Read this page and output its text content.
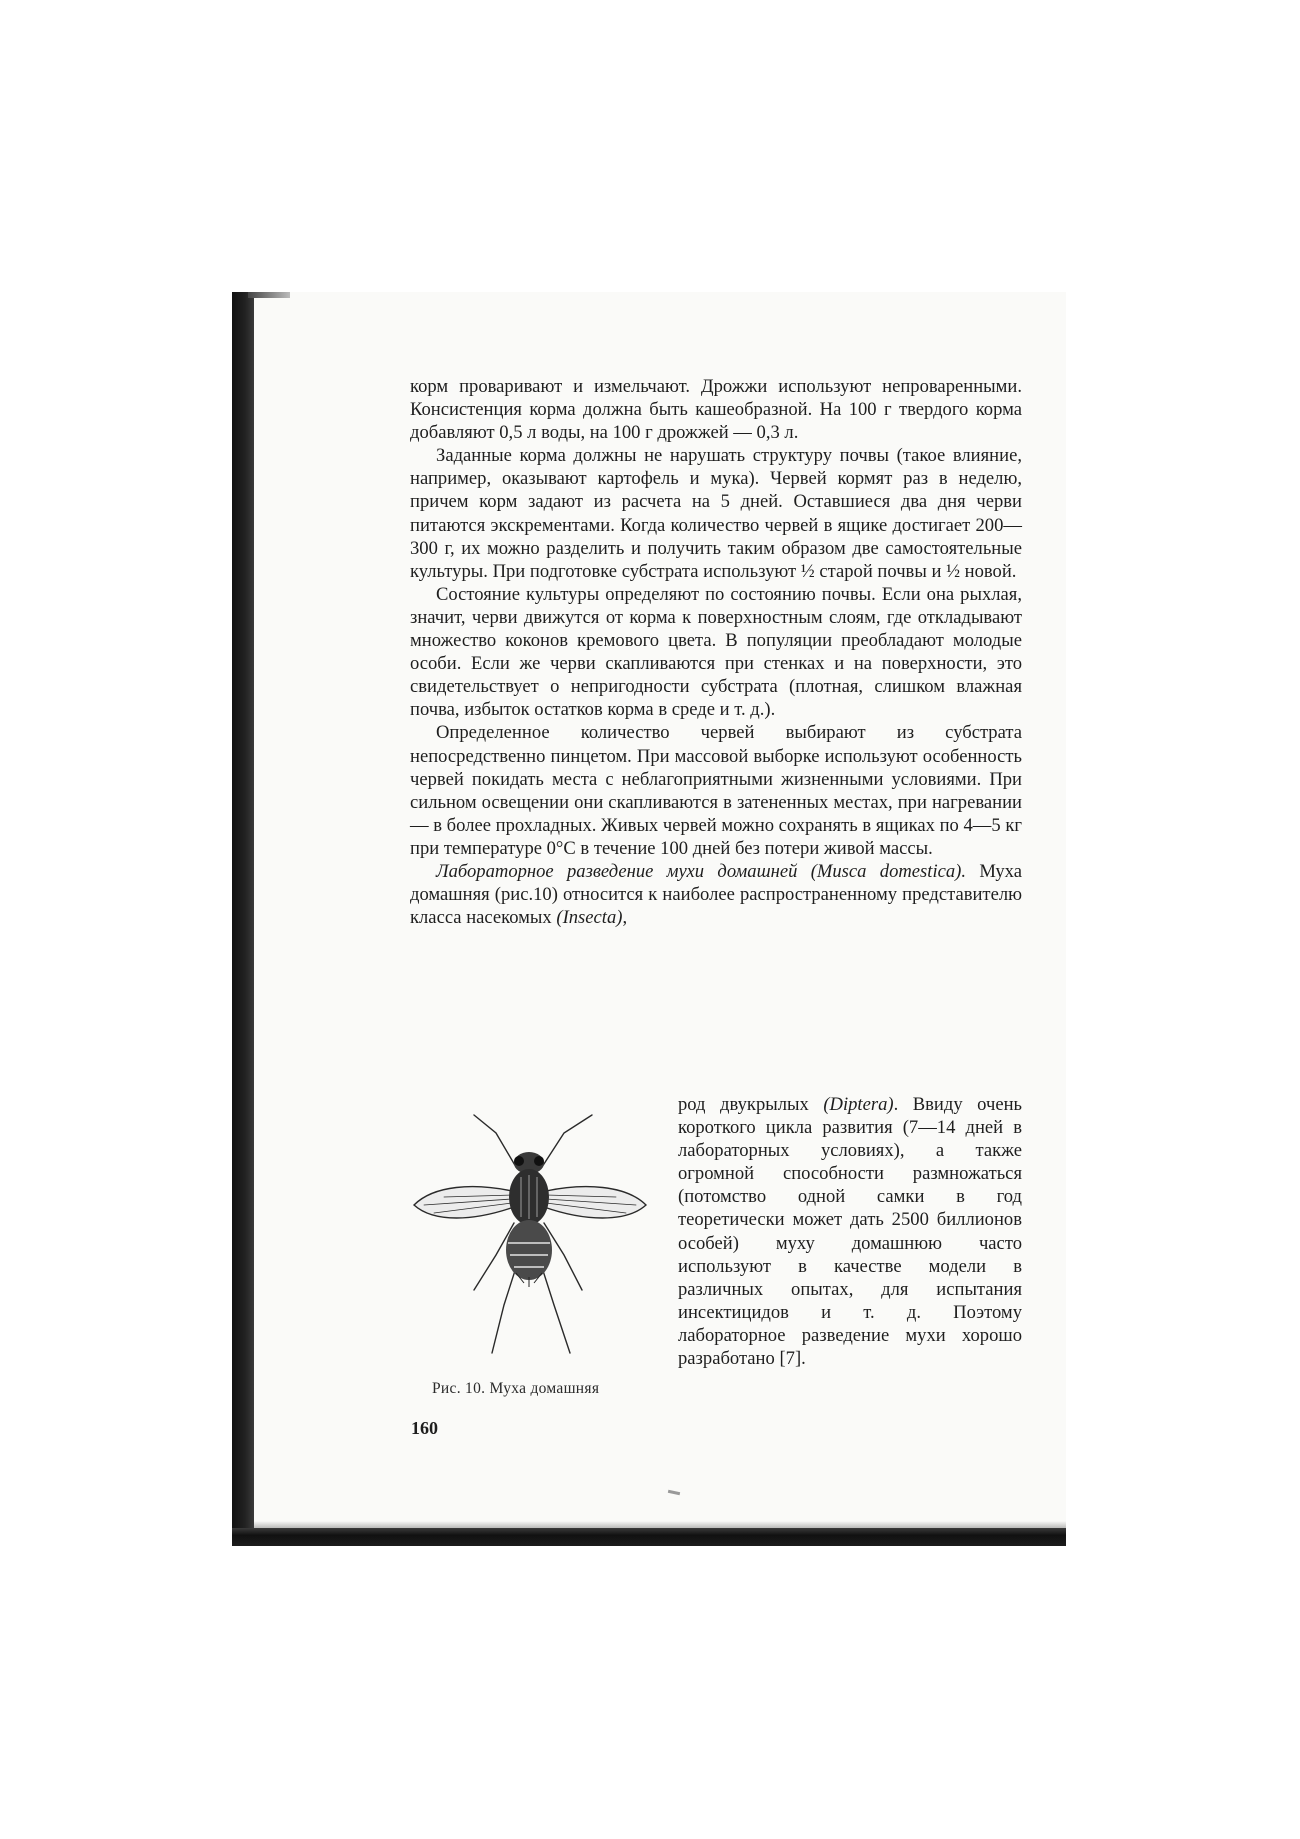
корм проваривают и измельчают. Дрожжи используют непроваренными. Консистенция корма должна быть кашеобразной. На 100 г твердого корма добавляют 0,5 л воды, на 100 г дрожжей — 0,3 л.

Заданные корма должны не нарушать структуру почвы (такое влияние, например, оказывают картофель и мука). Червей кормят раз в неделю, причем корм задают из расчета на 5 дней. Оставшиеся два дня черви питаются экскрементами. Когда количество червей в ящике достигает 200—300 г, их можно разделить и получить таким образом две самостоятельные культуры. При подготовке субстрата используют ½ старой почвы и ½ новой.

Состояние культуры определяют по состоянию почвы. Если она рыхлая, значит, черви движутся от корма к поверхностным слоям, где откладывают множество коконов кремового цвета. В популяции преобладают молодые особи. Если же черви скапливаются при стенках и на поверхности, это свидетельствует о непригодности субстрата (плотная, слишком влажная почва, избыток остатков корма в среде и т. д.).

Определенное количество червей выбирают из субстрата непосредственно пинцетом. При массовой выборке используют особенность червей покидать места с неблагоприятными жизненными условиями. При сильном освещении они скапливаются в затененных местах, при нагревании — в более прохладных. Живых червей можно сохранять в ящиках по 4—5 кг при температуре 0°С в течение 100 дней без потери живой массы.

Лабораторное разведение мухи домашней (Musca domestica). Муха домашняя (рис.10) относится к наиболее распространенному представителю класса насекомых (Insecta),

Рис. 10. Муха домашняя
род двукрылых (Diptera). Ввиду очень короткого цикла развития (7—14 дней в лабораторных условиях), а также огромной способности размножаться (потомство одной самки в год теоретически может дать 2500 биллионов особей) муху домашнюю часто используют в качестве модели в различных опытах, для испытания инсектицидов и т. д. Поэтому лабораторное разведение мухи хорошо разработано [7].
160
